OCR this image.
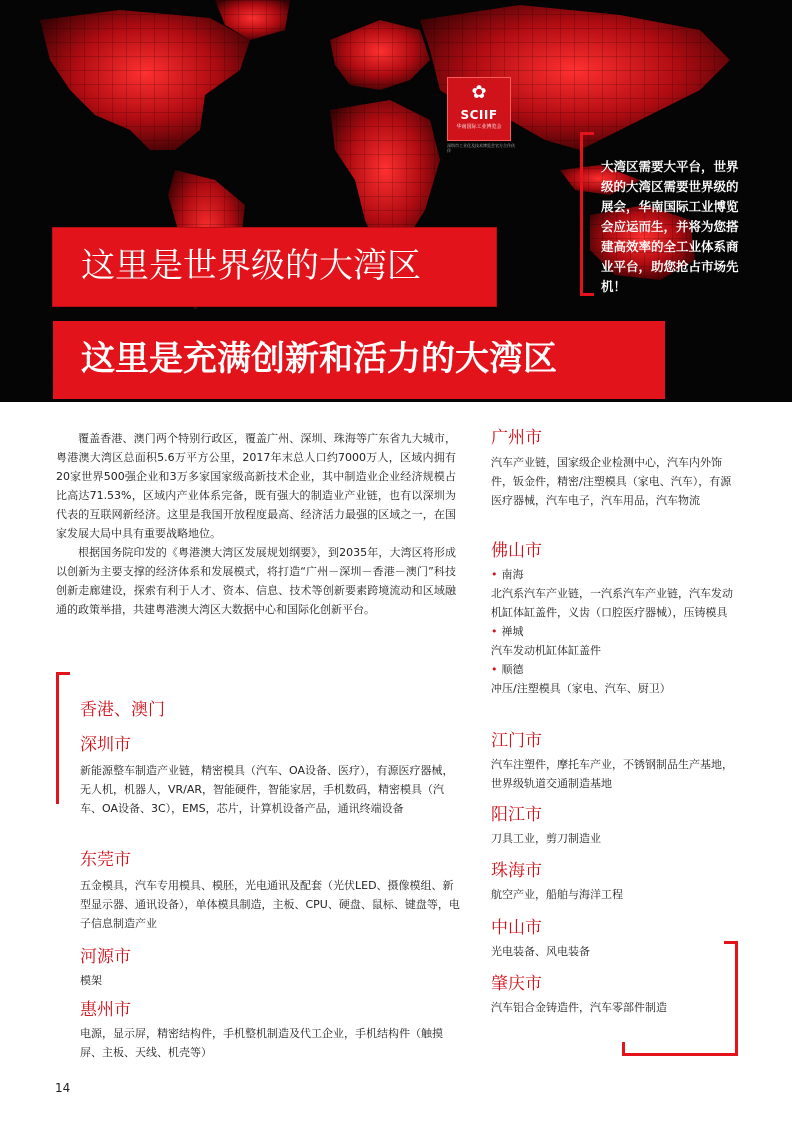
✿
SCIIF
华南国际工业博览会
深圳市工业化及技术博览会官方合作伙伴
大湾区需要大平台，世界级的大湾区需要世界级的展会，华南国际工业博览会应运而生，并将为您搭建高效率的全工业体系商业平台，助您抢占市场先机！
这里是世界级的大湾区
这里是充满创新和活力的大湾区

覆盖香港、澳门两个特别行政区，覆盖广州、深圳、珠海等广东省九大城市，粤港澳大湾区总面积5.6万平方公里，2017年末总人口约7000万人，区域内拥有20家世界500强企业和3万多家国家级高新技术企业，其中制造业企业经济规模占比高达71.53%，区域内产业体系完备，既有强大的制造业产业链，也有以深圳为代表的互联网新经济。这里是我国开放程度最高、经济活力最强的区域之一，在国家发展大局中具有重要战略地位。

根据国务院印发的《粤港澳大湾区发展规划纲要》，到2035年，大湾区将形成以创新为主要支撑的经济体系和发展模式，将打造“广州－深圳－香港－澳门”科技创新走廊建设，探索有利于人才、资本、信息、技术等创新要素跨境流动和区域融通的政策举措，共建粤港澳大湾区大数据中心和国际化创新平台。

香港、澳门

深圳市

新能源整车制造产业链，精密模具（汽车、OA设备、医疗），有源医疗器械，无人机，机器人，VR/AR，智能硬件，智能家居，手机数码，精密模具（汽车、OA设备、3C），EMS，芯片，计算机设备产品，通讯终端设备

东莞市

五金模具，汽车专用模具、模胚，光电通讯及配套（光伏LED、摄像模组、新型显示器、通讯设备），单体模具制造，主板、CPU、硬盘、鼠标、键盘等，电子信息制造产业

河源市

模架

惠州市

电源，显示屏，精密结构件，手机整机制造及代工企业，手机结构件（触摸屏、主板、天线、机壳等）

广州市

汽车产业链，国家级企业检测中心，汽车内外饰件，钣金件，精密/注塑模具（家电、汽车），有源医疗器械，汽车电子，汽车用品，汽车物流

佛山市

• 南海

北汽系汽车产业链，一汽系汽车产业链，汽车发动机缸体缸盖件，义齿（口腔医疗器械），压铸模具

• 禅城

汽车发动机缸体缸盖件

• 顺德

冲压/注塑模具（家电、汽车、厨卫）

江门市

汽车注塑件，摩托车产业，不锈钢制品生产基地，世界级轨道交通制造基地

阳江市

刀具工业，剪刀制造业

珠海市

航空产业，船舶与海洋工程

中山市

光电装备、风电装备

肇庆市

汽车铝合金铸造件，汽车零部件制造

14
